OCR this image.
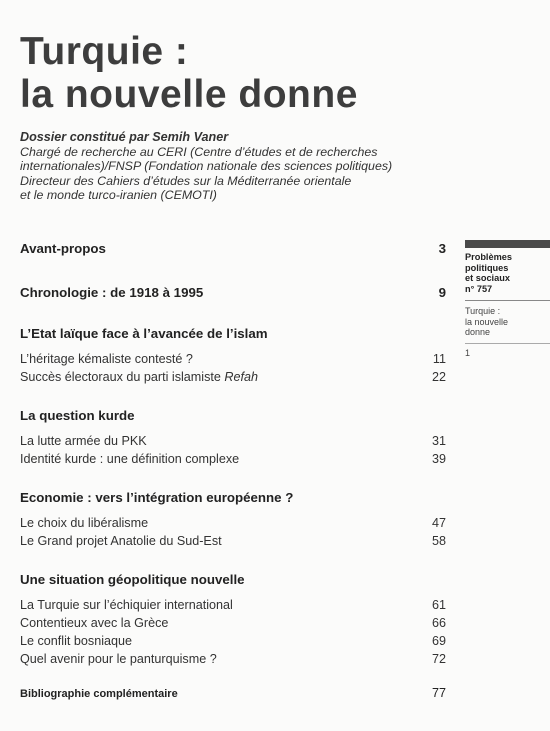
Turquie :
la nouvelle donne
Dossier constitué par Semih Vaner
Chargé de recherche au CERI (Centre d’études et de recherches
internationales)/FNSP (Fondation nationale des sciences politiques)
Directeur des Cahiers d’études sur la Méditerranée orientale
et le monde turco-iranien (CEMOTI)
Avant-propos	3
Chronologie : de 1918 à 1995	9
L’Etat laïque face à l’avancée de l’islam
L’héritage kémaliste contesté ?	11
Succès électoraux du parti islamiste Refah	22
La question kurde
La lutte armée du PKK	31
Identité kurde : une définition complexe	39
Economie : vers l’intégration européenne ?
Le choix du libéralisme	47
Le Grand projet Anatolie du Sud-Est	58
Une situation géopolitique nouvelle
La Turquie sur l’échiquier international	61
Contentieux avec la Grèce	66
Le conflit bosniaque	69
Quel avenir pour le panturquisme ?	72
Bibliographie complémentaire	77
Problèmes
politiques
et sociaux
n° 757
Turquie :
la nouvelle
donne
1
